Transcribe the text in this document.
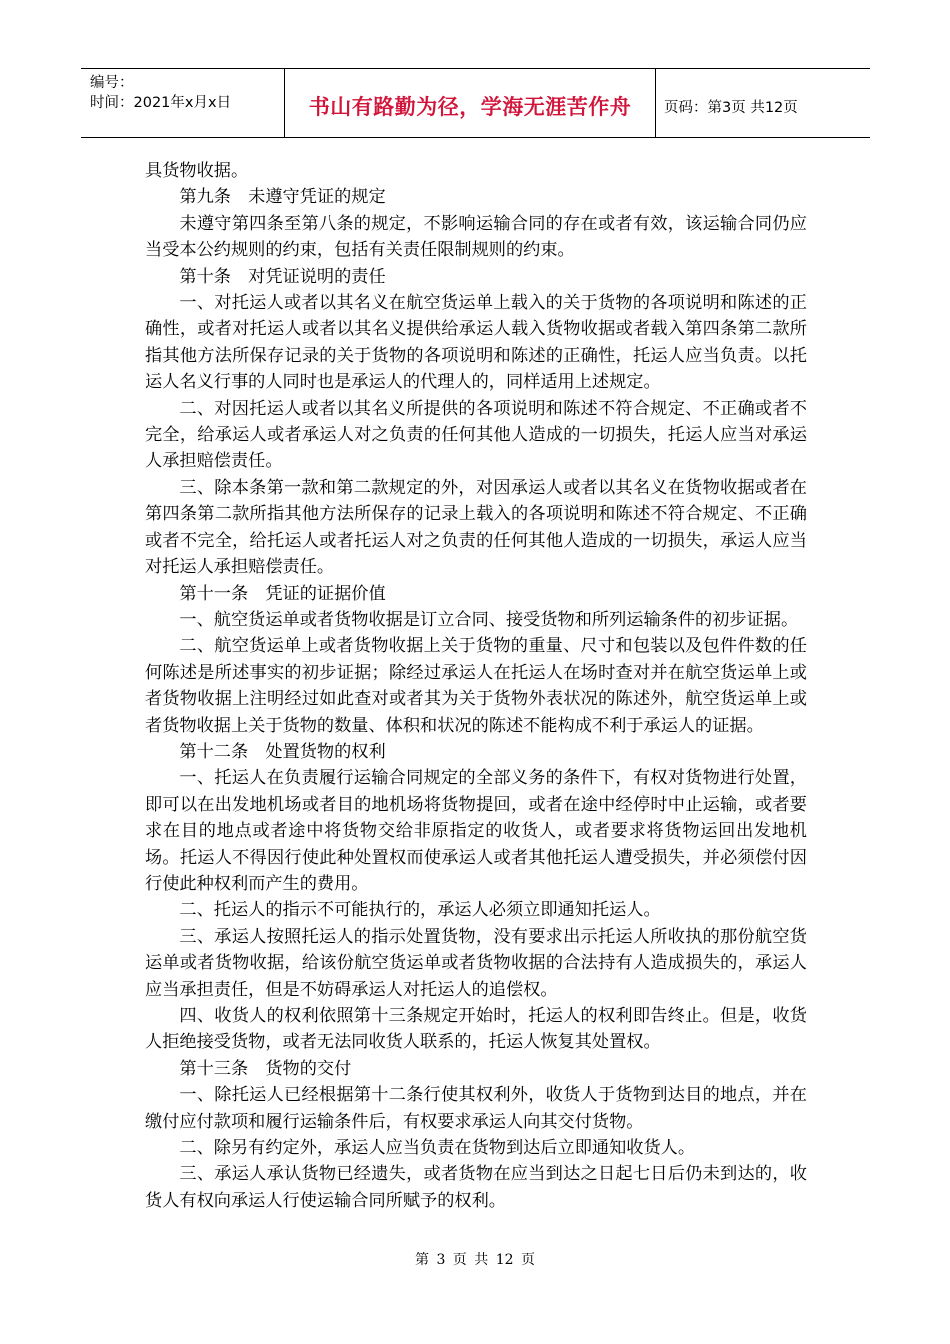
编号：
时间：2021年x月x日	书山有路勤为径，学海无涯苦作舟 页码：第3页 共12页

具货物收据。

第九条　未遵守凭证的规定

未遵守第四条至第八条的规定，不影响运输合同的存在或者有效，该运输合同仍应当受本公约规则的约束，包括有关责任限制规则的约束。

第十条　对凭证说明的责任

一、对托运人或者以其名义在航空货运单上载入的关于货物的各项说明和陈述的正确性，或者对托运人或者以其名义提供给承运人载入货物收据或者载入第四条第二款所指其他方法所保存记录的关于货物的各项说明和陈述的正确性，托运人应当负责。以托运人名义行事的人同时也是承运人的代理人的，同样适用上述规定。

二、对因托运人或者以其名义所提供的各项说明和陈述不符合规定、不正确或者不完全，给承运人或者承运人对之负责的任何其他人造成的一切损失，托运人应当对承运人承担赔偿责任。

三、除本条第一款和第二款规定的外，对因承运人或者以其名义在货物收据或者在第四条第二款所指其他方法所保存的记录上载入的各项说明和陈述不符合规定、不正确或者不完全，给托运人或者托运人对之负责的任何其他人造成的一切损失，承运人应当对托运人承担赔偿责任。

第十一条　凭证的证据价值

一、航空货运单或者货物收据是订立合同、接受货物和所列运输条件的初步证据。

二、航空货运单上或者货物收据上关于货物的重量、尺寸和包装以及包件件数的任何陈述是所述事实的初步证据；除经过承运人在托运人在场时查对并在航空货运单上或者货物收据上注明经过如此查对或者其为关于货物外表状况的陈述外，航空货运单上或者货物收据上关于货物的数量、体积和状况的陈述不能构成不利于承运人的证据。

第十二条　处置货物的权利

一、托运人在负责履行运输合同规定的全部义务的条件下，有权对货物进行处置，即可以在出发地机场或者目的地机场将货物提回，或者在途中经停时中止运输，或者要求在目的地点或者途中将货物交给非原指定的收货人，或者要求将货物运回出发地机场。托运人不得因行使此种处置权而使承运人或者其他托运人遭受损失，并必须偿付因行使此种权利而产生的费用。

二、托运人的指示不可能执行的，承运人必须立即通知托运人。

三、承运人按照托运人的指示处置货物，没有要求出示托运人所收执的那份航空货运单或者货物收据，给该份航空货运单或者货物收据的合法持有人造成损失的，承运人应当承担责任，但是不妨碍承运人对托运人的追偿权。

四、收货人的权利依照第十三条规定开始时，托运人的权利即告终止。但是，收货人拒绝接受货物，或者无法同收货人联系的，托运人恢复其处置权。

第十三条　货物的交付

一、除托运人已经根据第十二条行使其权利外，收货人于货物到达目的地点，并在缴付应付款项和履行运输条件后，有权要求承运人向其交付货物。

二、除另有约定外，承运人应当负责在货物到达后立即通知收货人。

三、承运人承认货物已经遗失，或者货物在应当到达之日起七日后仍未到达的，收货人有权向承运人行使运输合同所赋予的权利。

第 3 页 共 12 页
